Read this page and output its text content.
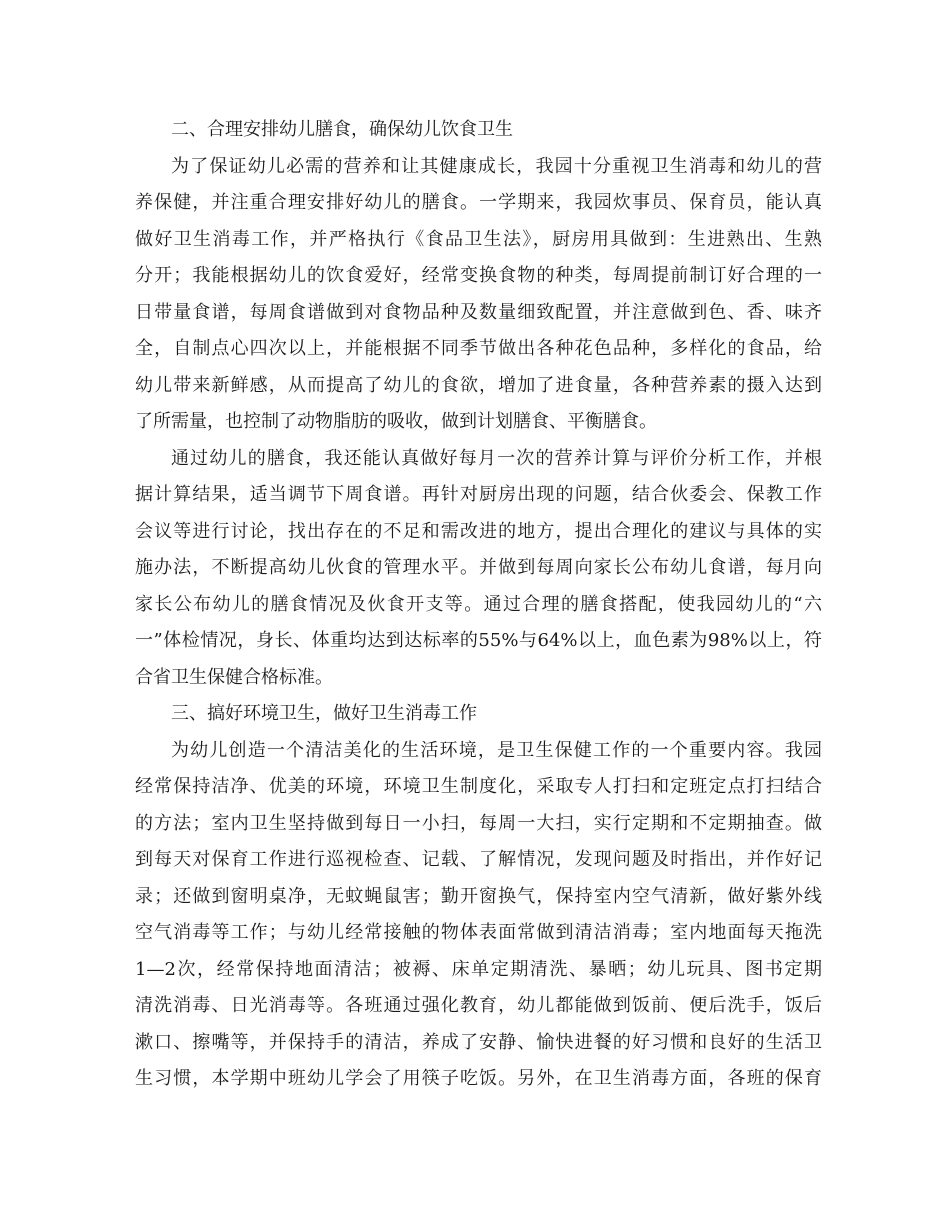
二、合理安排幼儿膳食，确保幼儿饮食卫生
为了保证幼儿必需的营养和让其健康成长，我园十分重视卫生消毒和幼儿的营
养保健，并注重合理安排好幼儿的膳食。一学期来，我园炊事员、保育员，能认真
做好卫生消毒工作，并严格执行《食品卫生法》，厨房用具做到：生进熟出、生熟
分开；我能根据幼儿的饮食爱好，经常变换食物的种类，每周提前制订好合理的一
日带量食谱，每周食谱做到对食物品种及数量细致配置，并注意做到色、香、味齐
全，自制点心四次以上，并能根据不同季节做出各种花色品种，多样化的食品，给
幼儿带来新鲜感，从而提高了幼儿的食欲，增加了进食量，各种营养素的摄入达到
了所需量，也控制了动物脂肪的吸收，做到计划膳食、平衡膳食。
通过幼儿的膳食，我还能认真做好每月一次的营养计算与评价分析工作，并根
据计算结果，适当调节下周食谱。再针对厨房出现的问题，结合伙委会、保教工作
会议等进行讨论，找出存在的不足和需改进的地方，提出合理化的建议与具体的实
施办法，不断提高幼儿伙食的管理水平。并做到每周向家长公布幼儿食谱，每月向
家长公布幼儿的膳食情况及伙食开支等。通过合理的膳食搭配，使我园幼儿的“六
一”体检情况，身长、体重均达到达标率的55%与64%以上，血色素为98%以上，符
合省卫生保健合格标准。
三、搞好环境卫生，做好卫生消毒工作
为幼儿创造一个清洁美化的生活环境，是卫生保健工作的一个重要内容。我园
经常保持洁净、优美的环境，环境卫生制度化，采取专人打扫和定班定点打扫结合
的方法；室内卫生坚持做到每日一小扫，每周一大扫，实行定期和不定期抽查。做
到每天对保育工作进行巡视检查、记载、了解情况，发现问题及时指出，并作好记
录；还做到窗明桌净，无蚊蝇鼠害；勤开窗换气，保持室内空气清新，做好紫外线
空气消毒等工作；与幼儿经常接触的物体表面常做到清洁消毒；室内地面每天拖洗
1—2次，经常保持地面清洁；被褥、床单定期清洗、暴晒；幼儿玩具、图书定期
清洗消毒、日光消毒等。各班通过强化教育，幼儿都能做到饭前、便后洗手，饭后
漱口、擦嘴等，并保持手的清洁，养成了安静、愉快进餐的好习惯和良好的生活卫
生习惯，本学期中班幼儿学会了用筷子吃饭。另外，在卫生消毒方面，各班的保育
